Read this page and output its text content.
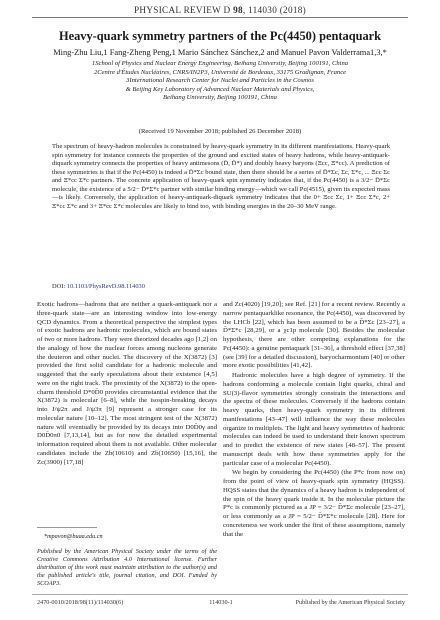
PHYSICAL REVIEW D 98, 114030 (2018)
Heavy-quark symmetry partners of the Pc(4450) pentaquark
Ming-Zhu Liu,1 Fang-Zheng Peng,1 Mario Sánchez Sánchez,2 and Manuel Pavon Valderrama1,3,*
1School of Physics and Nuclear Energy Engineering, Beihang University, Beijing 100191, China
2Centre d'Études Nucléaires, CNRS/IN2P3, Université de Bordeaux, 33175 Gradignan, France
3International Research Center for Nuclei and Particles in the Cosmos
& Beijing Key Laboratory of Advanced Nuclear Materials and Physics,
Beihang University, Beijing 100191, China
(Received 19 November 2018; published 26 December 2018)
The spectrum of heavy-hadron molecules is constrained by heavy-quark symmetry in its different manifestations. Heavy-quark spin symmetry for instance connects the properties of the ground and excited states of heavy hadrons, while heavy-antiquark-diquark symmetry connects the properties of heavy antimesons (D̄, D̄*) and doubly heavy baryons (Ξcc, Ξ*cc). A prediction of these symmetries is that if the Pc(4450) is indeed a D̄*Σc bound state, then there should be a series of D̄*Σc, Σc, Σ*c, ... Ξcc Σc and Ξ*cc Σ*c partners. The concrete application of heavy-quark spin symmetry indicates that, if the Pc(4450) is a 3/2− D̄*Σc molecule, the existence of a 5/2− D̄*Σ*c partner with similar binding energy—which we call Pc(4515), given its expected mass—is likely. Conversely, the application of heavy-antiquark-diquark symmetry indicates that the 0+ Ξcc Σc, 1+ Ξcc Σ*c, 2+ Ξ*cc Σ*c and 3+ Ξ*cc Σ*c molecules are likely to bind too, with binding energies in the 20–30 MeV range.
DOI: 10.1103/PhysRevD.98.114030

Exotic hadrons—hadrons that are neither a quark-antiquark nor a three-quark state—are an interesting window into low-energy QCD dynamics. From a theoretical perspective the simplest types of exotic hadrons are hadronic molecules, which are bound states of two or more hadrons. They were theorized decades ago [1,2] on the analogy of how the nuclear forces among nucleons generate the deuteron and other nuclei. The discovery of the X(3872) [3] provided the first solid candidate for a hadronic molecule and suggested that the early speculations about their existence [4,5] were on the right track. The proximity of the X(3872) to the open-charm threshold D*0D̄0 provides circumstantial evidence that the X(3872) is molecular [6–8], while the isospin-breaking decays into J/ψ2π and J/ψ3π [9] represent a stronger case for its molecular nature [10–12]. The most stringent test of the X(3872) nature will eventually be provided by its decays into D0D̄0γ and D0D̄0π0 [7,13,14], but as for now the detailed experimental information required about them is not available. Other molecular candidates include the Zb(10610) and Zb(10650) [15,16], the Zc(3900) [17,18]

and Zc(4020) [19,20]; see Ref. [21] for a recent review. Recently a narrow pentaquarklike resonance, the Pc(4450), was discovered by the LHCb [22], which has been assumed to be a D̄*Σc [23–27], a D̄*Σ*c [28,29], or a χc1p molecule [30]. Besides the molecular hypothesis, there are other competing explanations for the Pc(4450): a genuine pentaquark [31–36], a threshold effect [37,38] (see [39] for a detailed discussion), baryocharmonium [40] or other more exotic possibilities [41,42].

Hadronic molecules have a high degree of symmetry. If the hadrons conforming a molecule contain light quarks, chiral and SU(3)-flavor symmetries strongly constrain the interactions and the spectra of these molecules. Conversely if the hadrons contain heavy quarks, then heavy-quark symmetry in its different manifestations [43–47] will influence the way these molecules organize in multiplets. The light and heavy symmetries of hadronic molecules can indeed be used to understand their known spectrum and to predict the existence of new states [48–57]. The present manuscript deals with how these symmetries apply for the particular case of a molecular Pc(4450).

We begin by considering the Pc(4450) (the P*c from now on) from the point of view of heavy-quark spin symmetry (HQSS). HQSS states that the dynamics of a heavy hadron is independent of the spin of the heavy quark inside it. In the molecular picture the P*c is commonly pictured as a JP = 3/2− D̄*Σc molecule [23–27], or less commonly as a JP = 5/2− D̄*Σ*c molecule [28]. Here for concreteness we work under the first of these assumptions, namely that the

*mpavon@buaa.edu.cn
Published by the American Physical Society under the terms of the Creative Commons Attribution 4.0 International license. Further distribution of this work must maintain attribution to the author(s) and the published article's title, journal citation, and DOI. Funded by SCOAP3.
2470-0010/2018/98(11)/114030(6)	114030-1	Published by the American Physical Society
